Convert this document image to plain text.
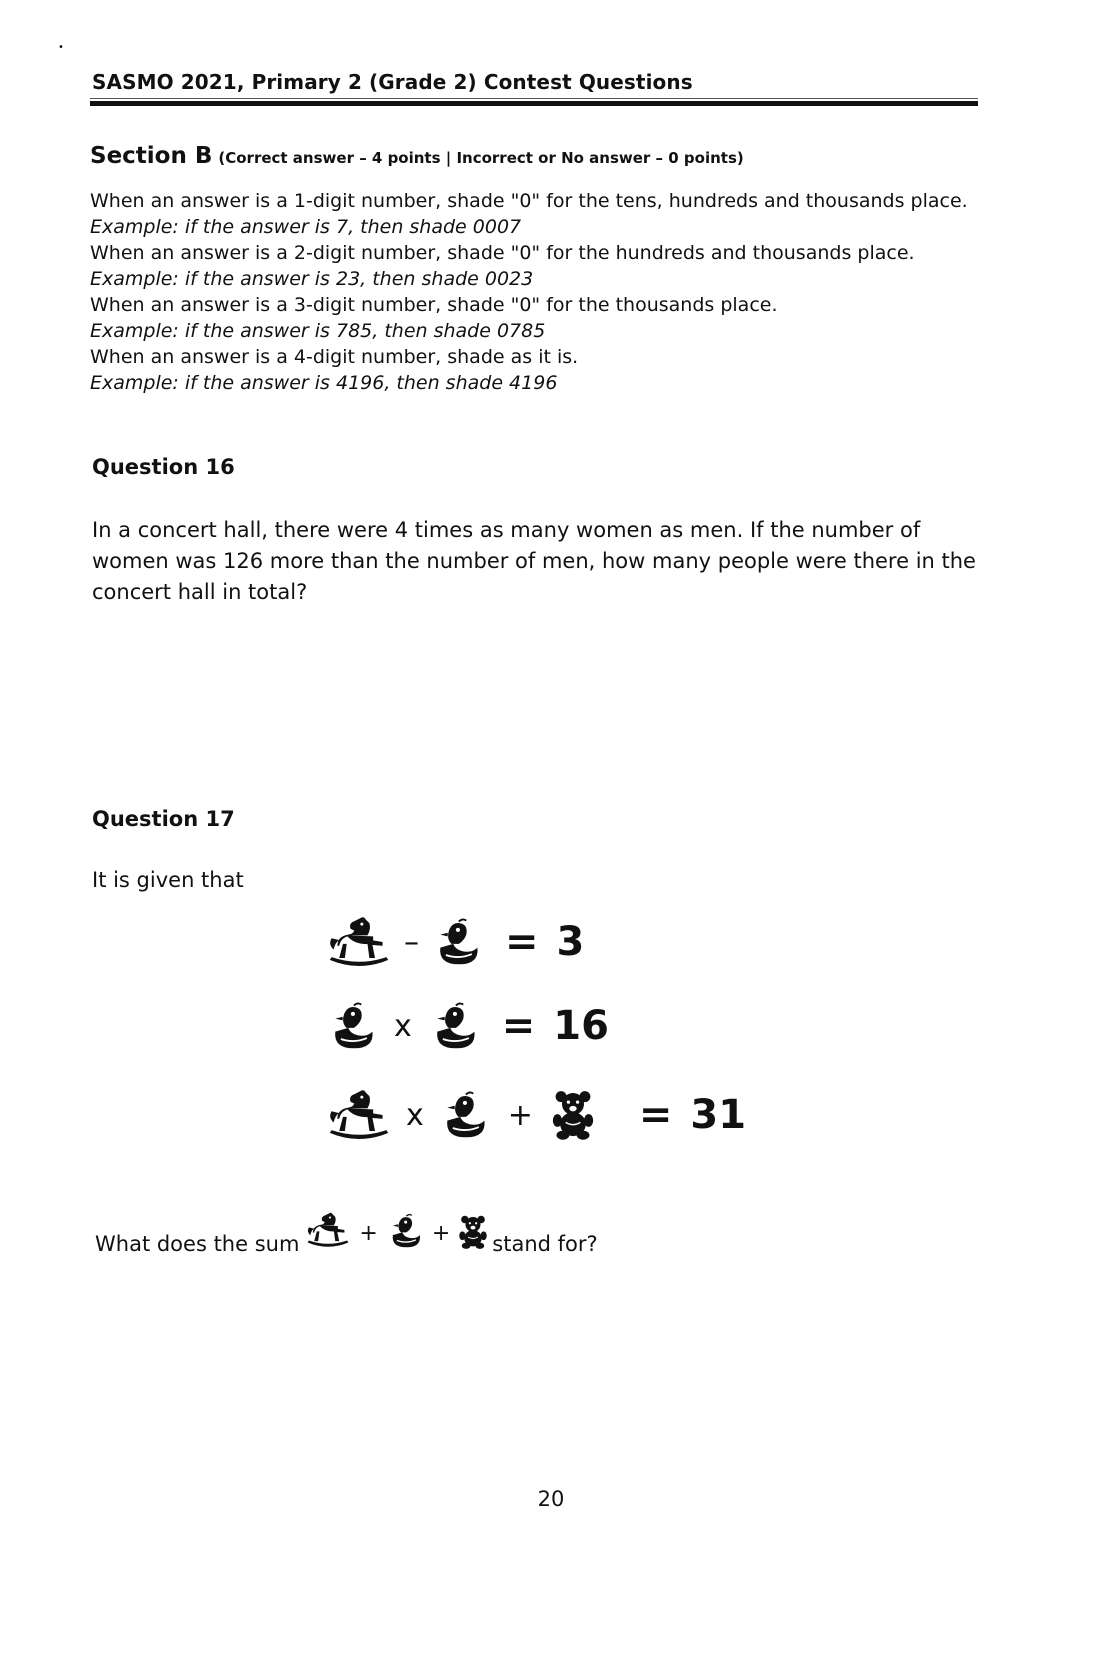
•
SASMO 2021, Primary 2 (Grade 2) Contest Questions
Section B (Correct answer – 4 points | Incorrect or No answer – 0 points)
When an answer is a 1-digit number, shade "0" for the tens, hundreds and thousands place.
Example: if the answer is 7, then shade 0007
When an answer is a 2-digit number, shade "0" for the hundreds and thousands place.
Example: if the answer is 23, then shade 0023
When an answer is a 3-digit number, shade "0" for the thousands place.
Example: if the answer is 785, then shade 0785
When an answer is a 4-digit number, shade as it is.
Example: if the answer is 4196, then shade 4196
Question 16
In a concert hall, there were 4 times as many women as men. If the number of
women was 126 more than the number of men, how many people were there in the
concert hall in total?
Question 17
It is given that
– = 3
x = 16
x	+	= 31
What does the sum	+ + stand for?
20
